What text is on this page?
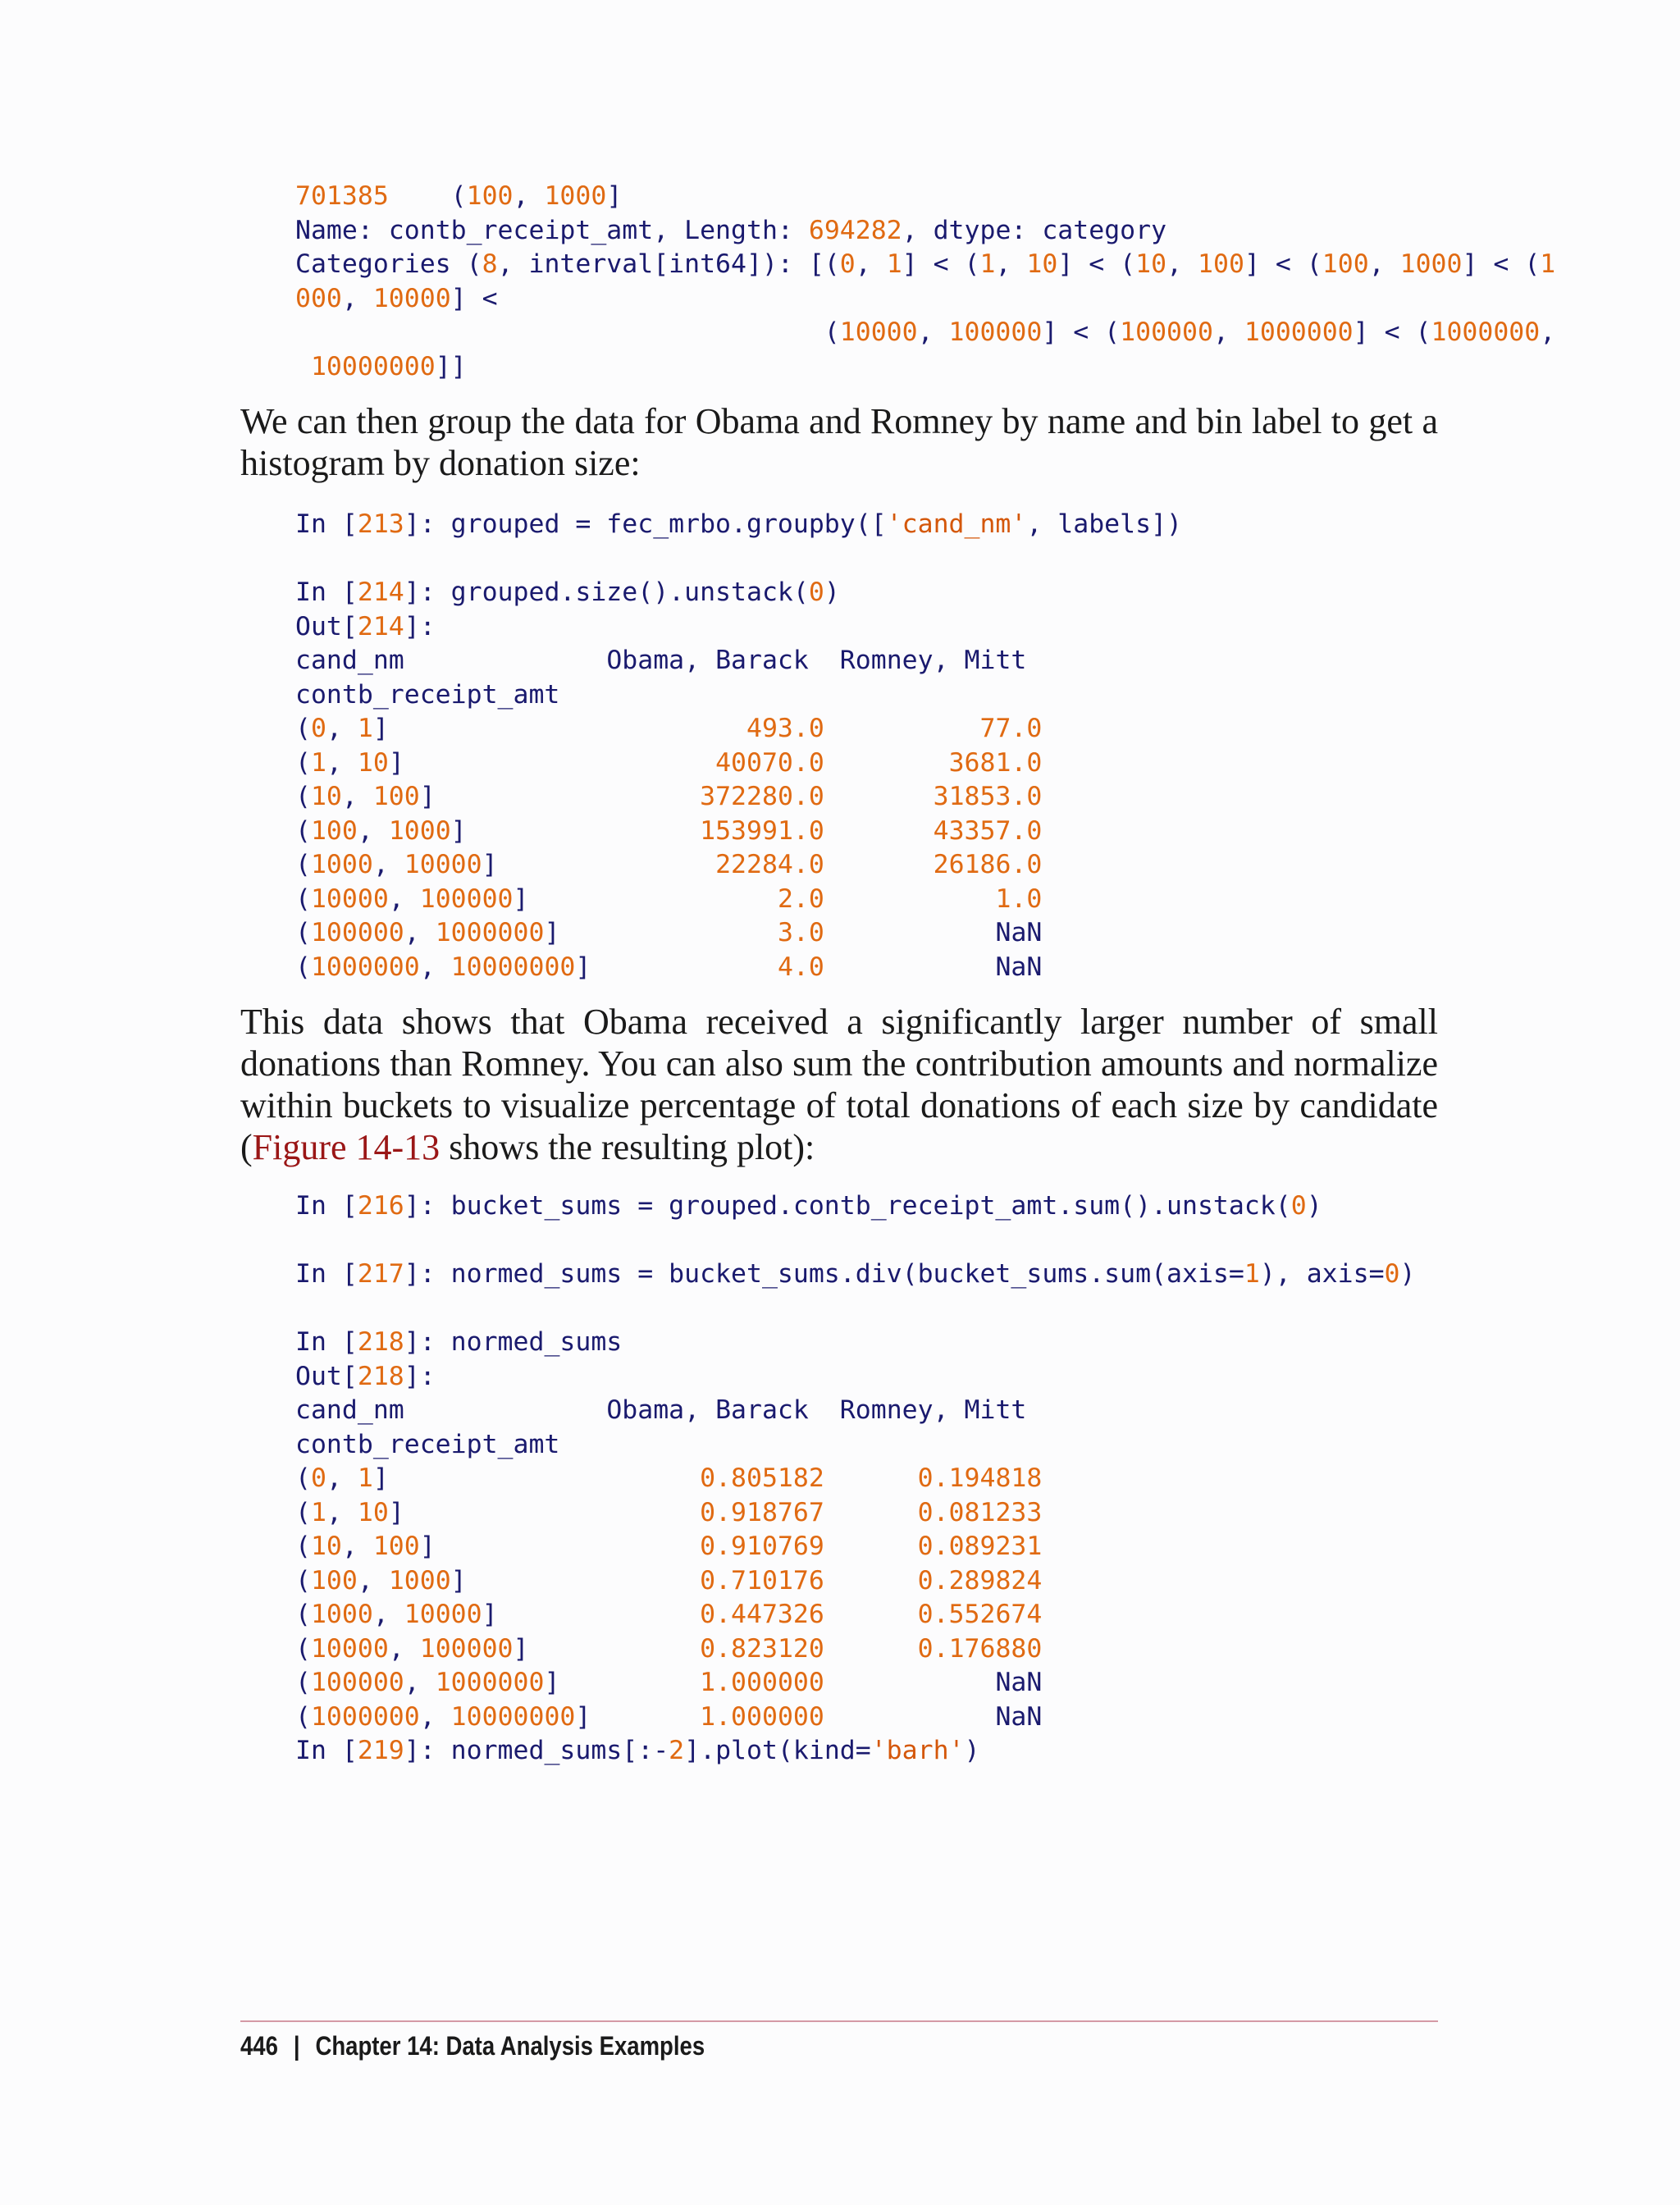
701385    (100, 1000]
Name: contb_receipt_amt, Length: 694282, dtype: category
Categories (8, interval[int64]): [(0, 1] < (1, 10] < (10, 100] < (100, 1000] < (1
000, 10000] <
(10000, 100000] < (100000, 1000000] < (1000000,
10000000]]

We can then group the data for Obama and Romney by name and bin label to get a histogram by donation size:

In [213]: grouped = fec_mrbo.groupby(['cand_nm', labels])

In [214]: grouped.size().unstack(0)
Out[214]:
cand_nm	Obama, Barack Romney, Mitt
contb_receipt_amt
(0, 1]	493.0	77.0
(1, 10]	40070.0	3681.0
(10, 100]	372280.0	31853.0
(100, 1000]	153991.0	43357.0
(1000, 10000]	22284.0	26186.0
(10000, 100000]	2.0	1.0
(100000, 1000000]	3.0	NaN
(1000000, 10000000]	4.0	NaN

This data shows that Obama received a significantly larger number of small donations than Romney. You can also sum the contribution amounts and normalize within buckets to visualize percentage of total donations of each size by candidate (Figure 14-13 shows the resulting plot):

In [216]: bucket_sums = grouped.contb_receipt_amt.sum().unstack(0)

In [217]: normed_sums = bucket_sums.div(bucket_sums.sum(axis=1), axis=0)

In [218]: normed_sums
Out[218]:
cand_nm	Obama, Barack Romney, Mitt
contb_receipt_amt
(0, 1]	0.805182	0.194818
(1, 10]	0.918767	0.081233
(10, 100]	0.910769	0.089231
(100, 1000]	0.710176	0.289824
(1000, 10000]	0.447326	0.552674
(10000, 100000]	0.823120	0.176880
(100000, 1000000]	1.000000	NaN
(1000000, 10000000]	1.000000	NaN
In [219]: normed_sums[:-2].plot(kind='barh')
446 | Chapter 14: Data Analysis Examples
